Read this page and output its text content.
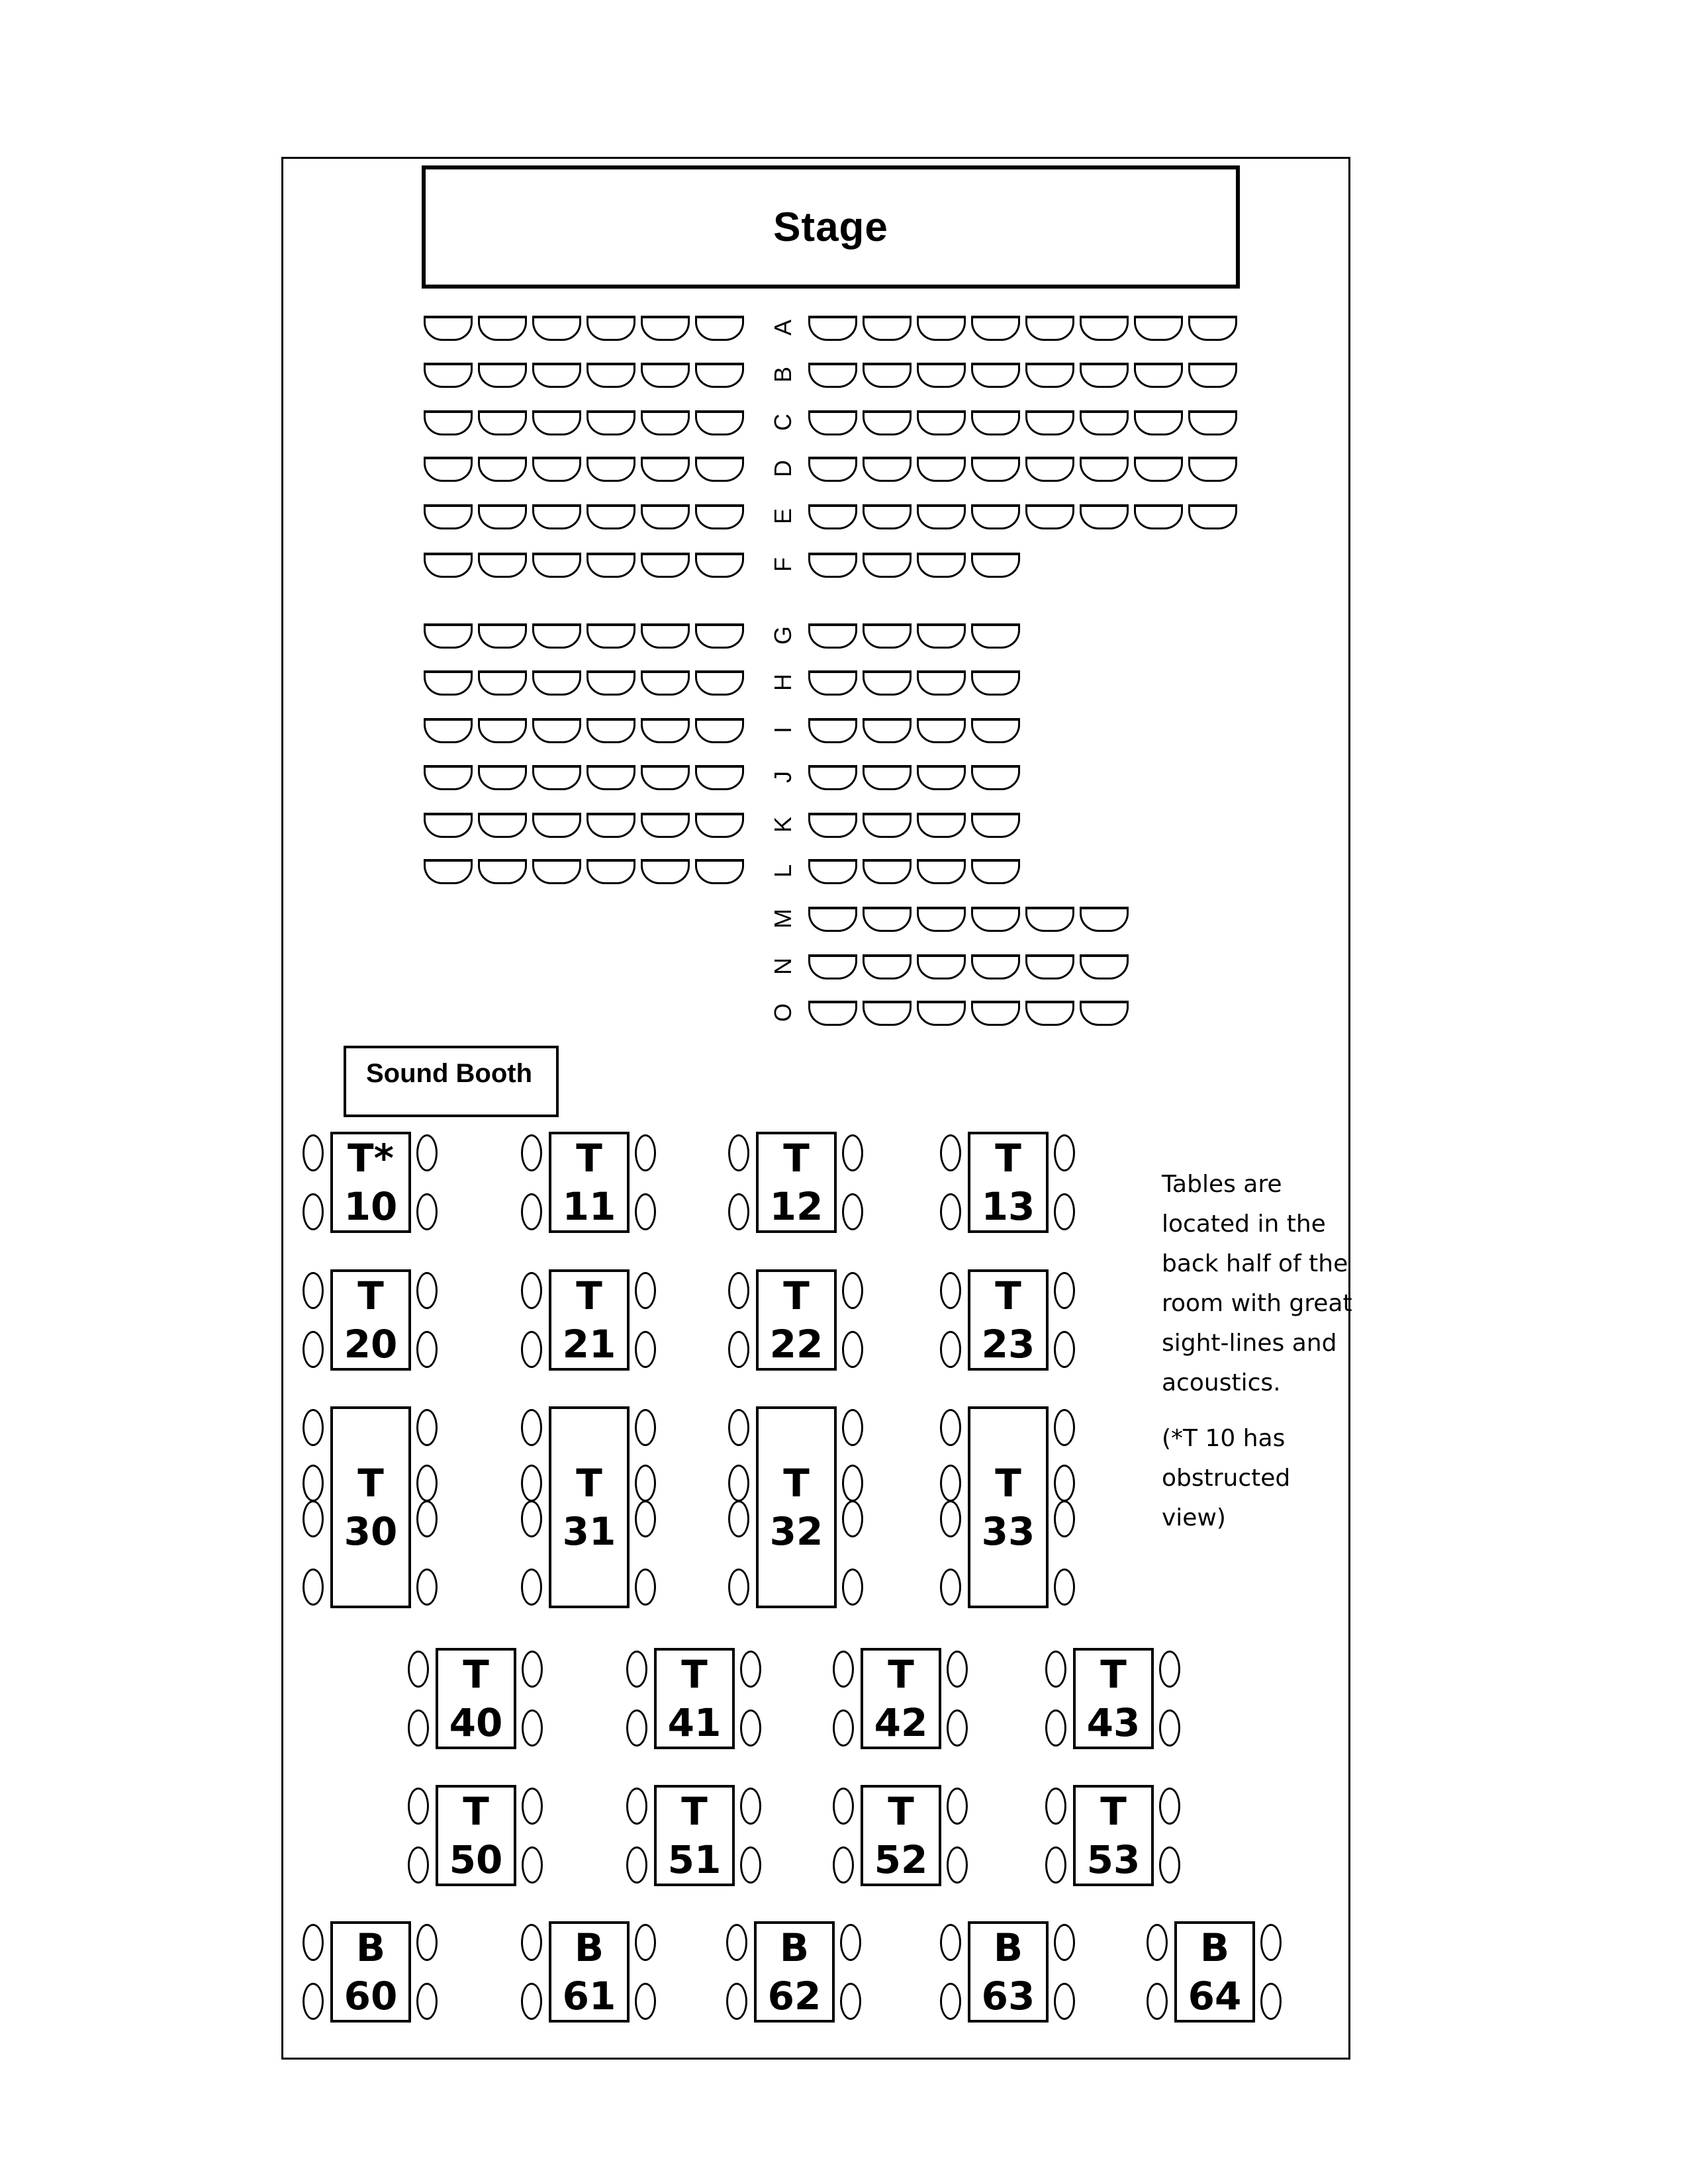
Stage
A
B
C
D
E
F
G
H
I
J
K
L
M
N
O
Sound Booth
T*
10
T
11
T
12
T
13
T
20
T
21
T
22
T
23
T
30
T
31
T
32
T
33
T
40
T
41
T
42
T
43
T
50
T
51
T
52
T
53
B
60
B
61
B
62
B
63
B
64

Tables are located in the back half of the room with great sight-lines and acoustics.

(*T 10 has obstructed view)
